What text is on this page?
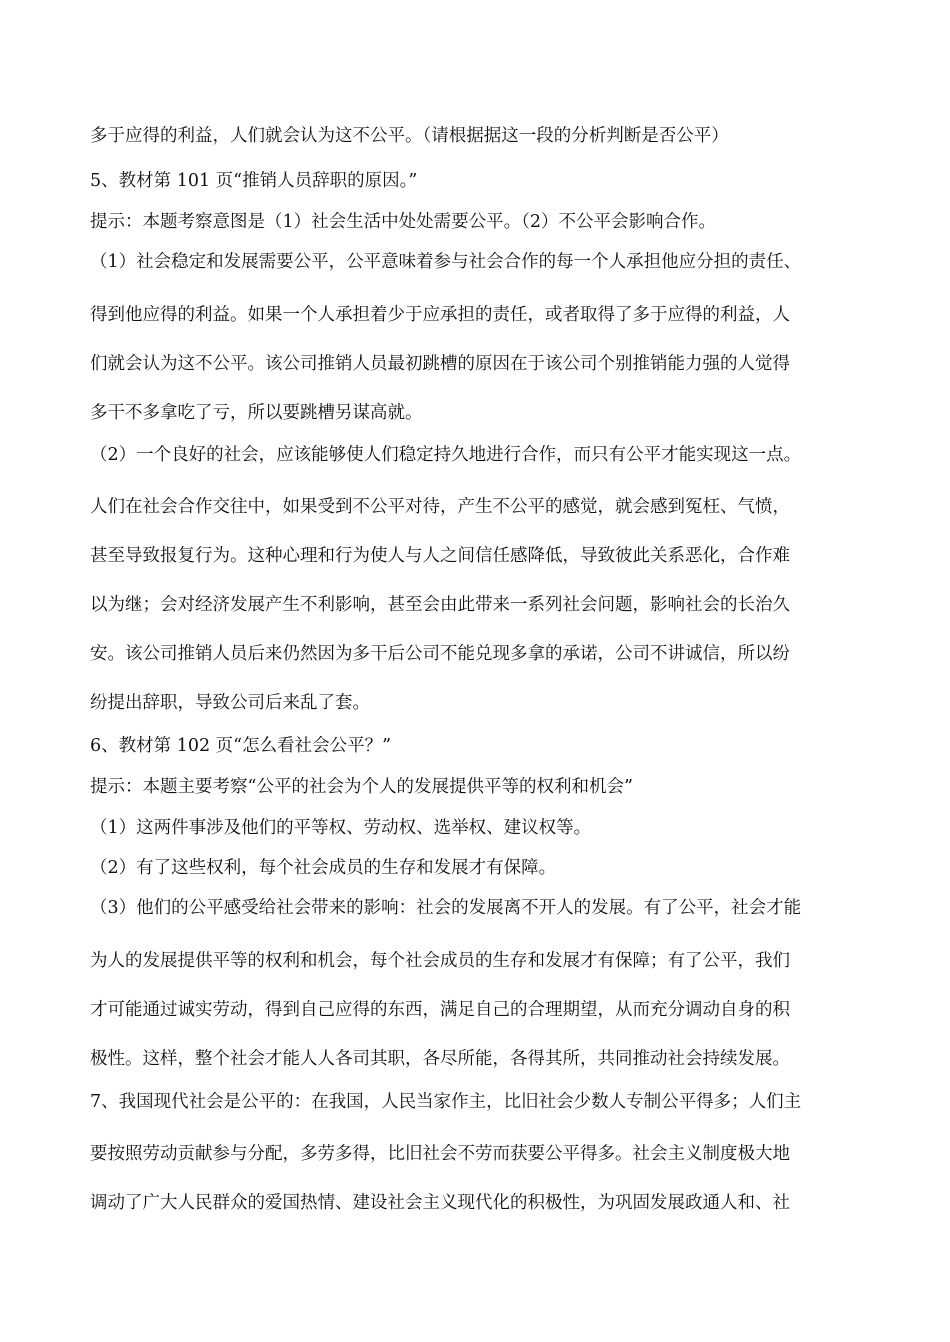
多于应得的利益，人们就会认为这不公平。（请根据据这一段的分析判断是否公平）
5、教材第 101 页“推销人员辞职的原因。”
提示：本题考察意图是（1）社会生活中处处需要公平。（2）不公平会影响合作。
（1）社会稳定和发展需要公平，公平意味着参与社会合作的每一个人承担他应分担的责任、
得到他应得的利益。如果一个人承担着少于应承担的责任，或者取得了多于应得的利益，人
们就会认为这不公平。该公司推销人员最初跳槽的原因在于该公司个别推销能力强的人觉得
多干不多拿吃了亏，所以要跳槽另谋高就。
（2）一个良好的社会，应该能够使人们稳定持久地进行合作，而只有公平才能实现这一点。
人们在社会合作交往中，如果受到不公平对待，产生不公平的感觉，就会感到冤枉、气愤，
甚至导致报复行为。这种心理和行为使人与人之间信任感降低，导致彼此关系恶化，合作难
以为继；会对经济发展产生不利影响，甚至会由此带来一系列社会问题，影响社会的长治久
安。该公司推销人员后来仍然因为多干后公司不能兑现多拿的承诺，公司不讲诚信，所以纷
纷提出辞职，导致公司后来乱了套。
6、教材第 102 页“怎么看社会公平？”
提示：本题主要考察“公平的社会为个人的发展提供平等的权利和机会”
（1）这两件事涉及他们的平等权、劳动权、选举权、建议权等。
（2）有了这些权利，每个社会成员的生存和发展才有保障。
（3）他们的公平感受给社会带来的影响：社会的发展离不开人的发展。有了公平，社会才能
为人的发展提供平等的权利和机会，每个社会成员的生存和发展才有保障；有了公平，我们
才可能通过诚实劳动，得到自己应得的东西，满足自己的合理期望，从而充分调动自身的积
极性。这样，整个社会才能人人各司其职，各尽所能，各得其所，共同推动社会持续发展。
7、我国现代社会是公平的：在我国，人民当家作主，比旧社会少数人专制公平得多；人们主
要按照劳动贡献参与分配，多劳多得，比旧社会不劳而获要公平得多。社会主义制度极大地
调动了广大人民群众的爱国热情、建设社会主义现代化的积极性，为巩固发展政通人和、社
